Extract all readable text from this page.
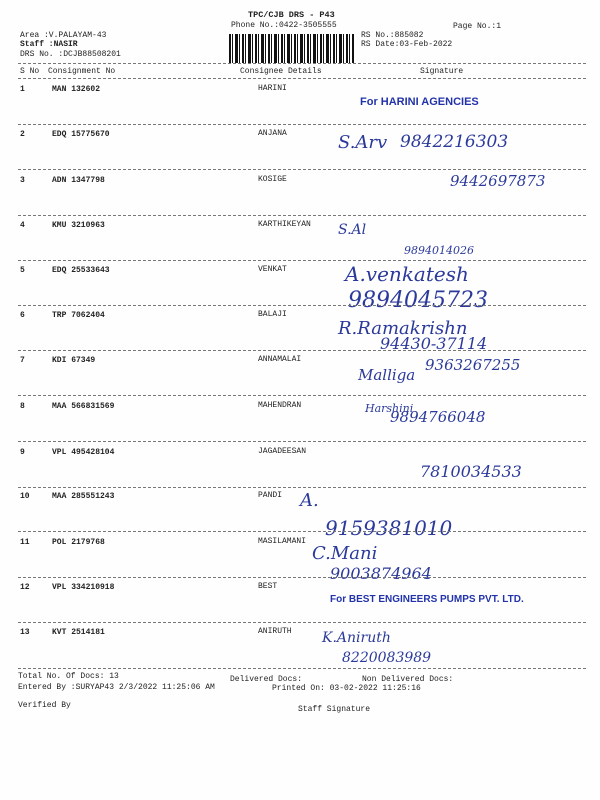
TPC/CJB DRS - P43
Phone No.:0422-3505555	Page No.:1
Area :V.PALAYAM-43
Staff :NASIR
DRS No. :DCJB88508201
RS No.:885082
RS Date:03-Feb-2022
S No Consignment No	Consignee Details	Signature
1	MAN 132602	HARINI
For HARINI AGENCIES
2	EDQ 15775670	ANJANA	S.Arv 9842216303
3	ADN 1347798	KOSIGE	9442697873
4	KMU 3210963	KARTHIKEYAN S.Al
9894014026
5	EDQ 25533643	VENKAT	A.venkatesh
9894045723
6	TRP 7062404	BALAJI
R.Ramakrishn
94430-37114
7	KDI 67349	ANNAMALAI
Malliga
9363267255
8	MAA 566831569	MAHENDRAN	Harshini
9894766048
9	VPL 495428104	JAGADEESAN
7810034533
10	MAA 285551243	PANDI A.
9159381010
11	POL 2179768	MASILAMANI
C.Mani
9003874964
12	VPL 334210918	BEST
For BEST ENGINEERS PUMPS PVT. LTD.
13	KVT 2514181	ANIRUTH K.Aniruth
8220083989
Total No. Of Docs: 13	Delivered Docs:	Non Delivered Docs:
Entered By :SURYAP43 2/3/2022 11:25:06 AM	Printed On: 03-02-2022 11:25:16
Verified By	Staff Signature
